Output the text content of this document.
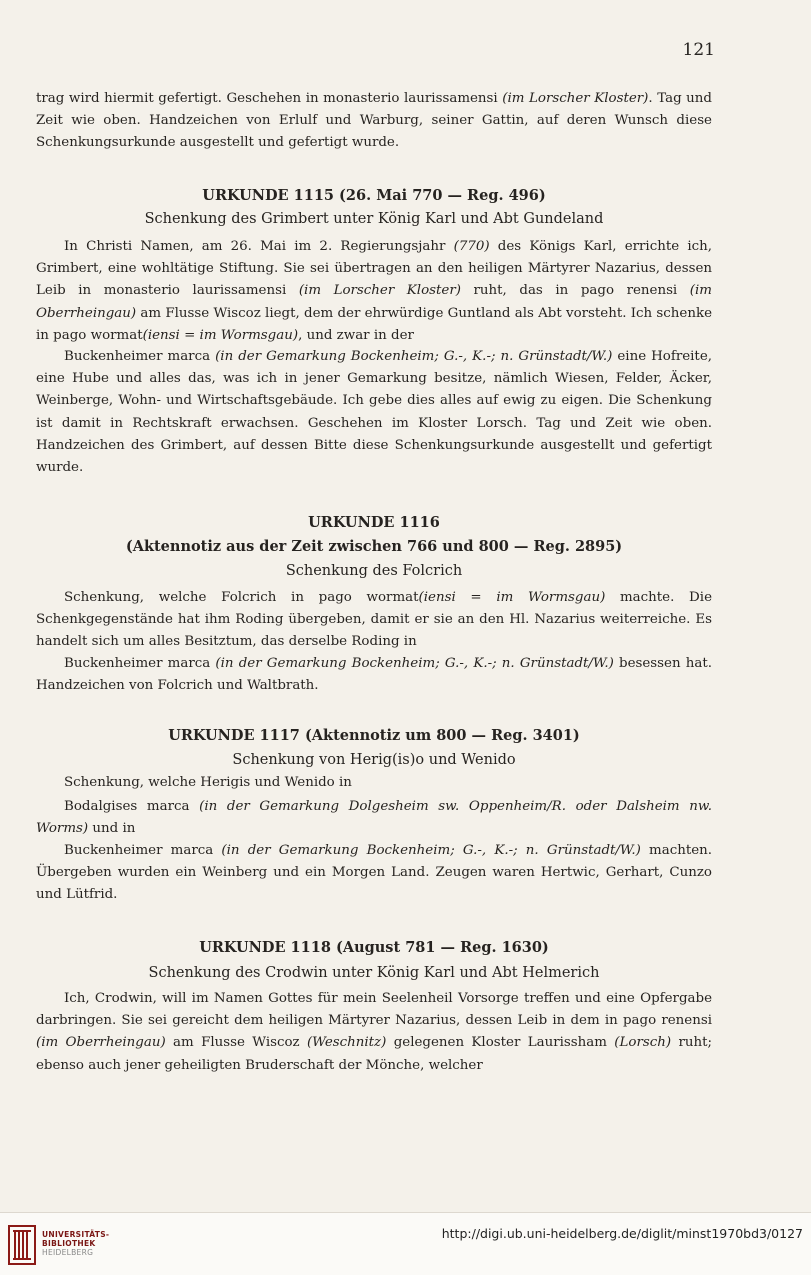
121

trag wird hiermit gefertigt. Geschehen in monasterio laurissamensi (im Lorscher Kloster). Tag und Zeit wie oben. Handzeichen von Erlulf und Warburg, seiner Gattin, auf deren Wunsch diese Schenkungsurkunde ausgestellt und gefertigt wurde.

URKUNDE 1115 (26. Mai 770 — Reg. 496)
Schenkung des Grimbert unter König Karl und Abt Gundeland

In Christi Namen, am 26. Mai im 2. Regierungsjahr (770) des Königs Karl, errichte ich, Grimbert, eine wohltätige Stiftung. Sie sei übertragen an den heiligen Märtyrer Nazarius, dessen Leib in monasterio laurissamensi (im Lorscher Kloster) ruht, das in pago renensi (im Oberrheingau) am Flusse Wiscoz liegt, dem der ehrwürdige Guntland als Abt vorsteht. Ich schenke in pago wormat(iensi = im Wormsgau), und zwar in der

Buckenheimer marca (in der Gemarkung Bockenheim; G.-, K.-; n. Grünstadt/W.) eine Hofreite, eine Hube und alles das, was ich in jener Gemarkung besitze, nämlich Wiesen, Felder, Äcker, Weinberge, Wohn- und Wirtschaftsgebäude. Ich gebe dies alles auf ewig zu eigen. Die Schenkung ist damit in Rechtskraft erwachsen. Geschehen im Kloster Lorsch. Tag und Zeit wie oben. Handzeichen des Grimbert, auf dessen Bitte diese Schenkungsurkunde ausgestellt und gefertigt wurde.

URKUNDE 1116
(Aktennotiz aus der Zeit zwischen 766 und 800 — Reg. 2895)
Schenkung des Folcrich

Schenkung, welche Folcrich in pago wormat(iensi = im Wormsgau) machte. Die Schenkgegenstände hat ihm Roding übergeben, damit er sie an den Hl. Nazarius weiterreiche. Es handelt sich um alles Besitztum, das derselbe Roding in

Buckenheimer marca (in der Gemarkung Bockenheim; G.-, K.-; n. Grünstadt/W.) besessen hat. Handzeichen von Folcrich und Waltbrath.

URKUNDE 1117 (Aktennotiz um 800 — Reg. 3401)
Schenkung von Herig(is)o und Wenido

Schenkung, welche Herigis und Wenido in

Bodalgises marca (in der Gemarkung Dolgesheim sw. Oppenheim/R. oder Dalsheim nw. Worms) und in

Buckenheimer marca (in der Gemarkung Bockenheim; G.-, K.-; n. Grünstadt/W.) machten. Übergeben wurden ein Weinberg und ein Morgen Land. Zeugen waren Hertwic, Gerhart, Cunzo und Lütfrid.

URKUNDE 1118 (August 781 — Reg. 1630)
Schenkung des Crodwin unter König Karl und Abt Helmerich

Ich, Crodwin, will im Namen Gottes für mein Seelenheil Vorsorge treffen und eine Opfergabe darbringen. Sie sei gereicht dem heiligen Märtyrer Nazarius, dessen Leib in dem in pago renensi (im Oberrheingau) am Flusse Wiscoz (Weschnitz) gelegenen Kloster Laurissham (Lorsch) ruht; ebenso auch jener geheiligten Bruderschaft der Mönche, welcher

UNIVERSITÄTS-
BIBLIOTHEK
HEIDELBERG
http://digi.ub.uni-heidelberg.de/diglit/minst1970bd3/0127
